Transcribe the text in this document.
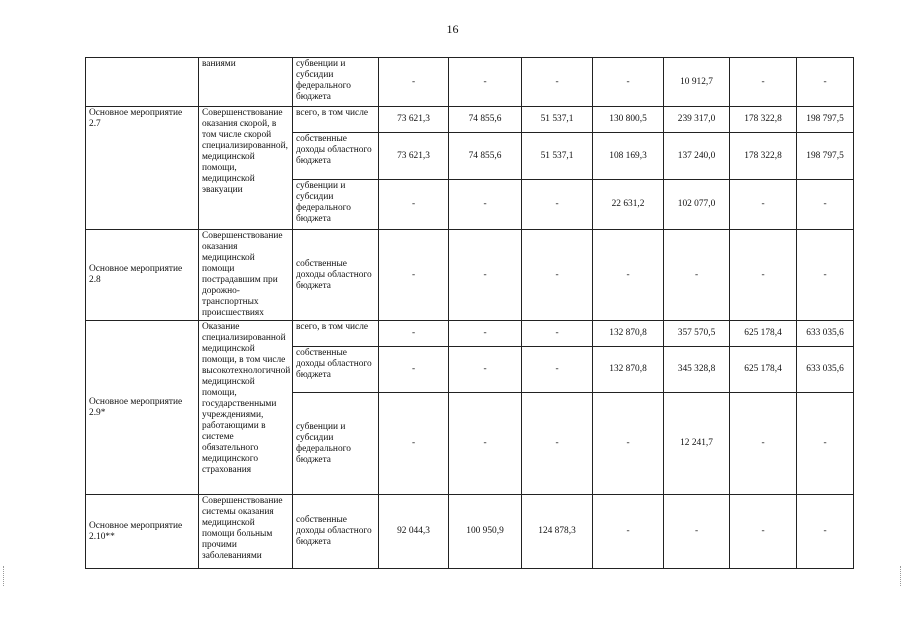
16
	ваниями	субвенции и субсидии федерального бюджета	-	-	-	-	10 912,7	-	-
Основное мероприятие 2.7	Совершенствование оказания скорой, в том числе скорой специализированной, медицинской помощи, медицинской эвакуации	всего, в том числе	73 621,3	74 855,6	51 537,1	130 800,5	239 317,0	178 322,8	198 797,5
		собственные доходы областного бюджета	73 621,3	74 855,6	51 537,1	108 169,3	137 240,0	178 322,8	198 797,5
		субвенции и субсидии федерального бюджета	-	-	-	22 631,2	102 077,0	-	-
Основное мероприятие 2.8	Совершенствование оказания медицинской помощи пострадавшим при дорожно-транспортных происшествиях	собственные доходы областного бюджета	-	-	-	-	-	-	-
Основное мероприятие 2.9*	Оказание специализированной медицинской помощи, в том числе высокотехнологичной медицинской помощи, государственными учреждениями, работающими в системе обязательного медицинского страхования	всего, в том числе	-	-	-	132 870,8	357 570,5	625 178,4	633 035,6
		собственные доходы областного бюджета	-	-	-	132 870,8	345 328,8	625 178,4	633 035,6
		субвенции и субсидии федерального бюджета	-	-	-	-	12 241,7	-	-
Основное мероприятие 2.10**	Совершенствование системы оказания медицинской помощи больным прочими заболеваниями	собственные доходы областного бюджета	92 044,3	100 950,9	124 878,3	-	-	-	-
